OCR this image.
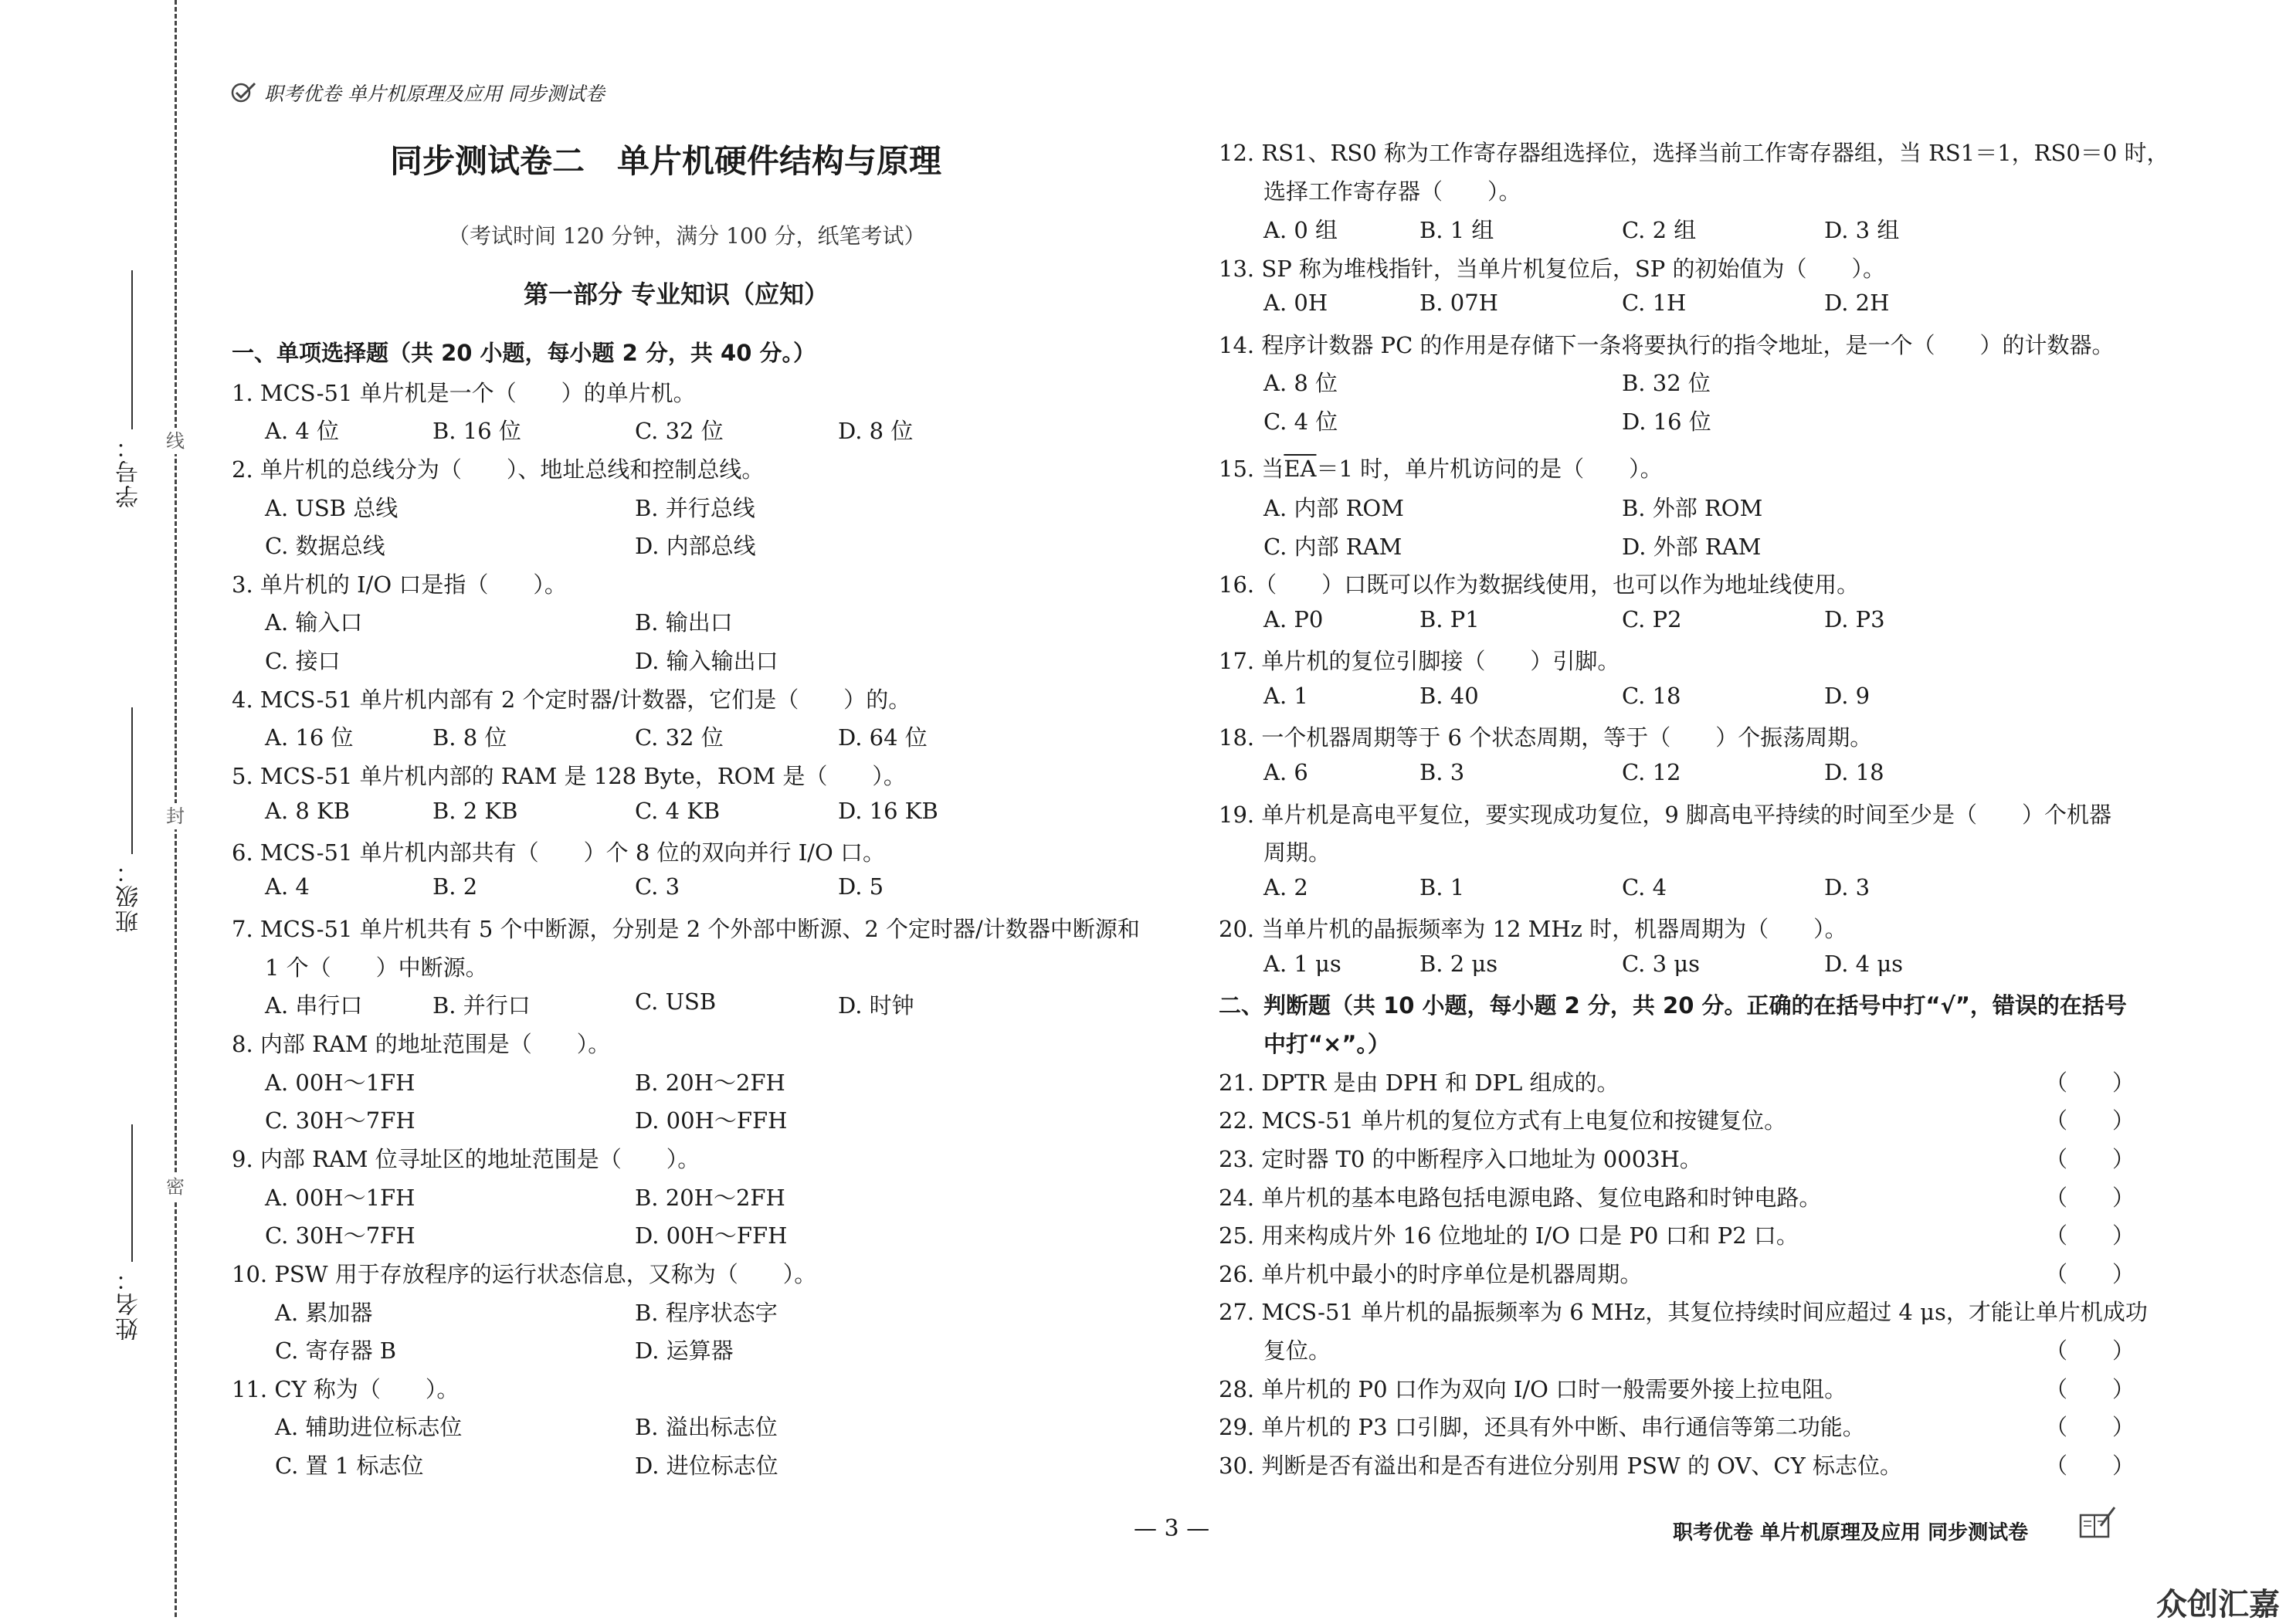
学号：
班级：
姓名：
线
封
密
职考优卷 单片机原理及应用 同步测试卷
同步测试卷二　单片机硬件结构与原理
（考试时间 120 分钟，满分 100 分，纸笔考试）
第一部分 专业知识（应知）
一、单项选择题（共 20 小题，每小题 2 分，共 40 分。）
1. MCS-51 单片机是一个（　　）的单片机。
A. 4 位	B. 16 位	C. 32 位	D. 8 位
2. 单片机的总线分为（　　）、地址总线和控制总线。
A. USB 总线	B. 并行总线
C. 数据总线	D. 内部总线
3. 单片机的 I/O 口是指（　　）。
A. 输入口	B. 输出口
C. 接口	D. 输入输出口
4. MCS-51 单片机内部有 2 个定时器/计数器，它们是（　　）的。
A. 16 位	B. 8 位	C. 32 位	D. 64 位
5. MCS-51 单片机内部的 RAM 是 128 Byte，ROM 是（　　）。
A. 8 KB	B. 2 KB	C. 4 KB	D. 16 KB
6. MCS-51 单片机内部共有（　　）个 8 位的双向并行 I/O 口。
A. 4	B. 2	C. 3	D. 5
7. MCS-51 单片机共有 5 个中断源，分别是 2 个外部中断源、2 个定时器/计数器中断源和
1 个（　　）中断源。
A. 串行口	B. 并行口	C. USB	D. 时钟
8. 内部 RAM 的地址范围是（　　）。
A. 00H～1FH	B. 20H～2FH
C. 30H～7FH	D. 00H～FFH
9. 内部 RAM 位寻址区的地址范围是（　　）。
A. 00H～1FH	B. 20H～2FH
C. 30H～7FH	D. 00H～FFH
10. PSW 用于存放程序的运行状态信息，又称为（　　）。
A. 累加器	B. 程序状态字
C. 寄存器 B	D. 运算器
11. CY 称为（　　）。
A. 辅助进位标志位	B. 溢出标志位
C. 置 1 标志位	D. 进位标志位
12. RS1、RS0 称为工作寄存器组选择位，选择当前工作寄存器组，当 RS1＝1，RS0＝0 时，
选择工作寄存器（　　）。
A. 0 组	B. 1 组	C. 2 组	D. 3 组
13. SP 称为堆栈指针，当单片机复位后，SP 的初始值为（　　）。
A. 0H	B. 07H	C. 1H	D. 2H
14. 程序计数器 PC 的作用是存储下一条将要执行的指令地址，是一个（　　）的计数器。
A. 8 位	B. 32 位
C. 4 位	D. 16 位
15. 当$\overline{EA}=1$ 时，单片机访问的是（　　）。
A. 内部 ROM	B. 外部 ROM
C. 内部 RAM	D. 外部 RAM
16.（　　）口既可以作为数据线使用，也可以作为地址线使用。
A. P0	B. P1	C. P2	D. P3
17. 单片机的复位引脚接（　　）引脚。
A. 1	B. 40	C. 18	D. 9
18. 一个机器周期等于 6 个状态周期，等于（　　）个振荡周期。
A. 6	B. 3	C. 12	D. 18
19. 单片机是高电平复位，要实现成功复位，9 脚高电平持续的时间至少是（　　）个机器
周期。
A. 2	B. 1	C. 4	D. 3
20. 当单片机的晶振频率为 12 MHz 时，机器周期为（　　）。
A. 1 μs	B. 2 μs	C. 3 μs	D. 4 μs
二、判断题（共 10 小题，每小题 2 分，共 20 分。正确的在括号中打“√”，错误的在括号
中打“×”。）
21. DPTR 是由 DPH 和 DPL 组成的。	（　　）
22. MCS-51 单片机的复位方式有上电复位和按键复位。	（　　）
23. 定时器 T0 的中断程序入口地址为 0003H。	（　　）
24. 单片机的基本电路包括电源电路、复位电路和时钟电路。	（　　）
25. 用来构成片外 16 位地址的 I/O 口是 P0 口和 P2 口。	（　　）
26. 单片机中最小的时序单位是机器周期。	（　　）
27. MCS-51 单片机的晶振频率为 6 MHz，其复位持续时间应超过 4 μs，才能让单片机成功
复位。	（　　）
28. 单片机的 P0 口作为双向 I/O 口时一般需要外接上拉电阻。	（　　）
29. 单片机的 P3 口引脚，还具有外中断、串行通信等第二功能。	（　　）
30. 判断是否有溢出和是否有进位分别用 PSW 的 OV、CY 标志位。	（　　）
— 3 —	职考优卷 单片机原理及应用 同步测试卷
众创汇嘉
